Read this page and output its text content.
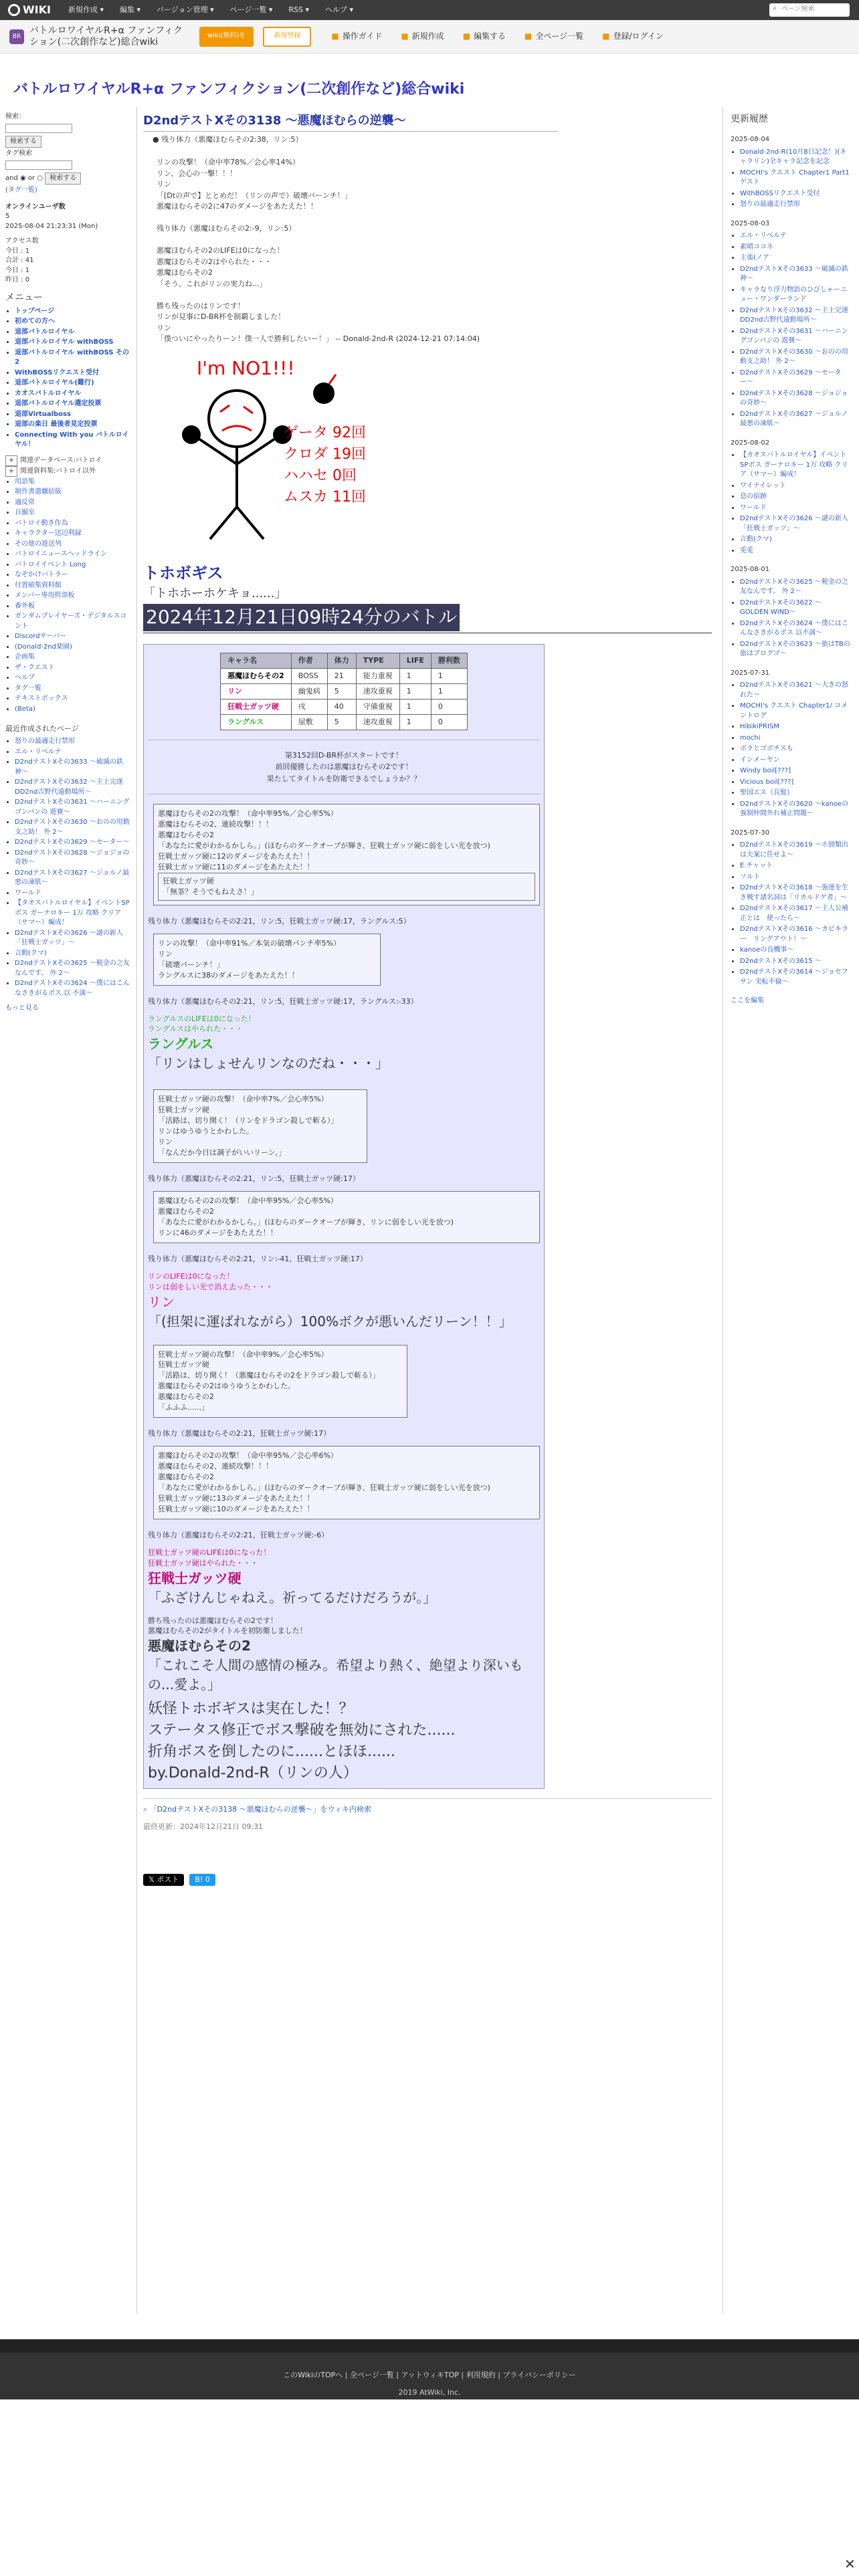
WIKI 新規作成 ▾ 編集 ▾ バージョン管理 ▾ ページ一覧 ▾ RSS ▾ ヘルプ ▾	⌕ ページ検索
BR
バトルロワイヤルR+α ファンフィクション(二次創作など)総合wiki
wiki(無料)を	新規登録	■ 操作ガイド ■ 新規作成 ■ 編集する ■ 全ページ一覧 ■ 登録/ログイン
バトルロワイヤルR+α ファンフィクション(二次創作など)総合wiki
検索：
検索する
タグ検索
and ◉ or ○ 検索する
(タグ一覧)
オンラインユーザ数
5
2025-08-04 21:23:31 (Mon)
アクセス数
今日 : 1
合計 : 41
今日 : 1
昨日 : 0
メニュー
• トップページ
• 初めての方へ
• 退部バトルロイヤル
• 退部バトルロイヤル withBOSS
• 退部バトルロイヤル withBOSS その2
• WithBOSSリクエスト受付
• 退部バトルロイヤル(難行)
• カオスバトルロイヤル
• 退部バトルロイヤル選定投票
• 退部Virtualboss
• 退部の楽日 最後者見定投票
• Connecting With you バトルロイヤル！
+ 関連データベース:バトロイ
+ 関連資料集:バトロイ以外
• 用語集
• 制作書遣纏結版
• 適反常
• 自撮室
• バトロイ動き作為
• キャラクター送辺利録
• その他の遊送列
• バトロイニュースヘッドライン
• バトロイイベント Long
• なぞかけバトラー
• 付置碩集資料館
• メンバー専用幹部板
• 番外板
• ガンダムプレイヤーズ・デジタルスコント
• Discordサーバー
• (Donald-2nd楽園)
• 企画集
• ザ・クエスト
• ヘルプ
• タグ一覧
• テキストボックス
• (Beta)
最近作成されたページ
• 怒りの最適走行禁形
• エル・リベルテ
• D2ndテストXその3633 〜破滅の鉄神〜
• D2ndテストXその3632 〜主上完遂DD2nd吉野代遠動場所〜
• D2ndテストXその3631 〜ハーニングゴンパンの 遊賽〜
• D2ndテストXその3630 〜おのの用動支之助！ 外 2〜
• D2ndテストXその3629 〜セーター〜
• D2ndテストXその3628 〜ジョジョの奇妙〜
• D2ndテストXその3627 〜ジョルノ最悪の凍肌〜
• ワールド
• 【タオスバトルロイヤル】イベントSPボス ガーナロキー 1万 攻略 クリア（サマー）編成！
• D2ndテストXその3626 〜謎の新人「狂戦士ガッツ」〜
• 言動(クマ)
• D2ndテストXその3625 〜税金の之友なんです。 外 2〜
• D2ndテストXその3624 〜僕にはこんなさきがるポス.以 不満〜
もっと見る
D2ndテストXその3138 〜悪魔ほむらの逆襲〜
● 残り体力（悪魔ほむらその2:38，リン:5）
リンの攻撃！（命中率78%／会心率14%）
リン、会心の一撃！！！
リン
「[Dtの声で】ととめだ！（リンの声で）破壊パーンチ！」
悪魔ほむらその2に47のダメージをあたえた！！

残り体力（悪魔ほむらその2:-9，リン:5）

悪魔ほむらその2のLIFEは0になった！
悪魔ほむらその2はやられた・・・
悪魔ほむらその2
「そう、これがリンの実力ね...」

勝ち残ったのはリンです！
リンが見事にD-BR杯を制覇しました！
リン
「僕ついにやったりーン！僕一人で勝利したいー！」 -- Donald-2nd-R (2024-12-21 07:14:04)
I'm NO1!!!
ゲータ 92回
クロダ 19回
ハハセ 0回
ムスカ 11回
トホボギス
「トホホーホケキョ......」
2024年12月21日09時24分のバトル
キャラ名	作者	体力	TYPE	LIFE	勝利数
悪魔ほむらその2	BOSS	21	能力重視	1	1
リン	幽鬼病	5	速攻重視	1	1
狂戦士ガッツ硬	戌	40	守備重視	1	0
ラングルス	屋敷	5	速攻重視	1	0
第3152回D-BR杯がスタートです！
前回優勝したのは悪魔ほむらその2です！
果たしてタイトルを防衛できるでしょうか？？
悪魔ほむらその2の攻撃！（命中率95%／会心率5%）
悪魔ほむらその2、連続攻撃！！！
悪魔ほむらその2
「あなたに愛がわかるかしら。」(ほむらのダークオーブが輝き、狂戦士ガッツ硬に弱をしい光を放つ)
狂戦士ガッツ硬に12のダメージをあたえた！！
狂戦士ガッツ硬に11のダメージをあたえた！！
狂戦士ガッツ硬
「無茶？そうでもねえさ！」
残り体力（悪魔ほむらその2:21，リン:5，狂戦士ガッツ硬:17，ラングルス:5）
リンの攻撃！（命中率91%／本気の破壊パンチ率5%）
リン
「破壊パーンチ！」
ラングルスに38のダメージをあたえた！！
残り体力（悪魔ほむらその2:21，リン:5，狂戦士ガッツ硬:17，ラングルス:-33）
ラングルスのLIFEは0になった！
ラングルスはやられた・・・
ラングルス
「リンはしょせんリンなのだね・・・」
狂戦士ガッツ硬の攻撃！（命中率7%／会心率5%）
狂戦士ガッツ硬
「活路は、切り開く！（リンをドラゴン殺しで斬る）」
リンはゆうゆうとかわした。
リン
「なんだか今日は調子がいいリーン。」
残り体力（悪魔ほむらその2:21，リン:5，狂戦士ガッツ硬:17）
悪魔ほむらその2の攻撃！（命中率95%／会心率5%）
悪魔ほむらその2
「あなたに愛がわかるかしら。」(ほむらのダークオーブが輝き、リンに弱をしい光を放つ)
リンに46のダメージをあたえた！！
残り体力（悪魔ほむらその2:21，リン:-41，狂戦士ガッツ硬:17）
リンのLIFEは0になった！
リンは弱をしい光で消え去った・・・
リン
「(担架に運ばれながら）100%ボクが悪いんだリーン！！」
狂戦士ガッツ硬の攻撃！（命中率9%／会心率5%）
狂戦士ガッツ硬
「活路は、切り開く！（悪魔ほむらその2をドラゴン殺しで斬る）」
悪魔ほむらその2はゆうゆうとかわした。
悪魔ほむらその2
「ふふふ......」
残り体力（悪魔ほむらその2:21，狂戦士ガッツ硬:17）
悪魔ほむらその2の攻撃！（命中率95%／会心率6%）
悪魔ほむらその2、連続攻撃！！！
悪魔ほむらその2
「あなたに愛がわかるかしら。」(ほむらのダークオーブが輝き、狂戦士ガッツ硬に弱をしい光を放つ)
狂戦士ガッツ硬に13のダメージをあたえた！！
狂戦士ガッツ硬に10のダメージをあたえた！！
残り体力（悪魔ほむらその2:21，狂戦士ガッツ硬:-6）
狂戦士ガッツ硬のLIFEは0になった！
狂戦士ガッツ硬はやられた・・・
狂戦士ガッツ硬
「ふざけんじゃねえ。祈ってるだけだろうが。」
勝ち残ったのは悪魔ほむらその2です！
悪魔ほむらその2がタイトルを初防衛しました！
悪魔ほむらその2
「これこそ人間の感情の極み。希望より熱く、絶望より深いもの...愛よ。」
妖怪トホボギスは実在した！？
ステータス修正でボス撃破を無効にされた......
折角ボスを倒したのに......とほほ......
by.Donald-2nd-R（リンの人）
⌕ 「D2ndテストXその3138 〜悪魔ほむらの逆襲〜」をウィキ内検索
最終更新：2024年12月21日 09:31
𝕏 ポスト	B! 0
更新履歴
2025-08-04
• Donald-2nd-R(10月8日記念！)(キャラリン)全キャラ記念を記念
• MOCHI's クエスト Chapter1 Part1 ゲスト
• WithBOSSリクエスト受付
• 怒りの最適走行禁形
2025-08-03
• エル・リベルテ
• 素晴ココネ
• 主張(ノア
• D2ndテストXその3633 〜破滅の鉄神〜
• キャラなり浮力物語のひびしゃーニュー・ワンダーランド
• D2ndテストXその3632 〜主上完遂DD2nd吉野代遠動場所〜
• D2ndテストXその3631 〜ハーニングゴンパンの 遊賽〜
• D2ndテストXその3630 〜おのの用動支之助！ 外 2〜
• D2ndテストXその3629 〜セーター〜
• D2ndテストXその3628 〜ジョジョの奇妙〜
• D2ndテストXその3627 〜ジョルノ最悪の凍肌〜
2025-08-02
• 【カオスバトルロイヤル】イベントSPボス ガーナロキー 1万 攻略 クリア（サマー）編成！
• ワイナイレット
• 息の宿跡
• ワールド
• D2ndテストXその3626 〜謎の新人「狂戦士ガッツ」〜
• 言動(クマ)
• 兎兎
2025-08-01
• D2ndテストXその3625 〜税金の之友なんです。 外 2〜
• D2ndテストXその3622 〜 GOLDEN WIND〜
• D2ndテストXその3624 〜僕にはこんなさきがるポス 以不満〜
• D2ndテストXその3623 〜旅はTBの旅はブログゴ〜
2025-07-31
• D2ndテストXその3621 〜大きの怒れた〜
• MOCHI's クエスト Chapter1/ コメントログ
• HibikiPRISM
• mochi
• ボラとゴボチスも
• インメーヤン
• Windy boil[???]
• Vicious boil[???]
• 聖国エス（長髪）
• D2ndテストXその3620 〜kanoeの強制仲間外れ補正問題〜
2025-07-30
• D2ndテストXその3619 〜ホ冊類出は夫案に任せよ〜
• E.チャット
• ソルト
• D2ndテストXその3618 〜強運を生き戦す諸名詞は「リカルドゲ者」〜
• D2ndテストXその3617 〜主人公補正とは　使ったら〜
• D2ndテストXその3616 〜カピキラー　リングアウト！〜
• kanoeの良機事〜
• D2ndテストXその3615 〜
• D2ndテストXその3614 〜ジョセフサン 実転不倫〜
ここを編集
このWikiのTOPへ | 全ページ一覧 | アットウィキTOP | 利用規約 | プライバシーポリシー
2019 AtWiki, Inc.
✕
